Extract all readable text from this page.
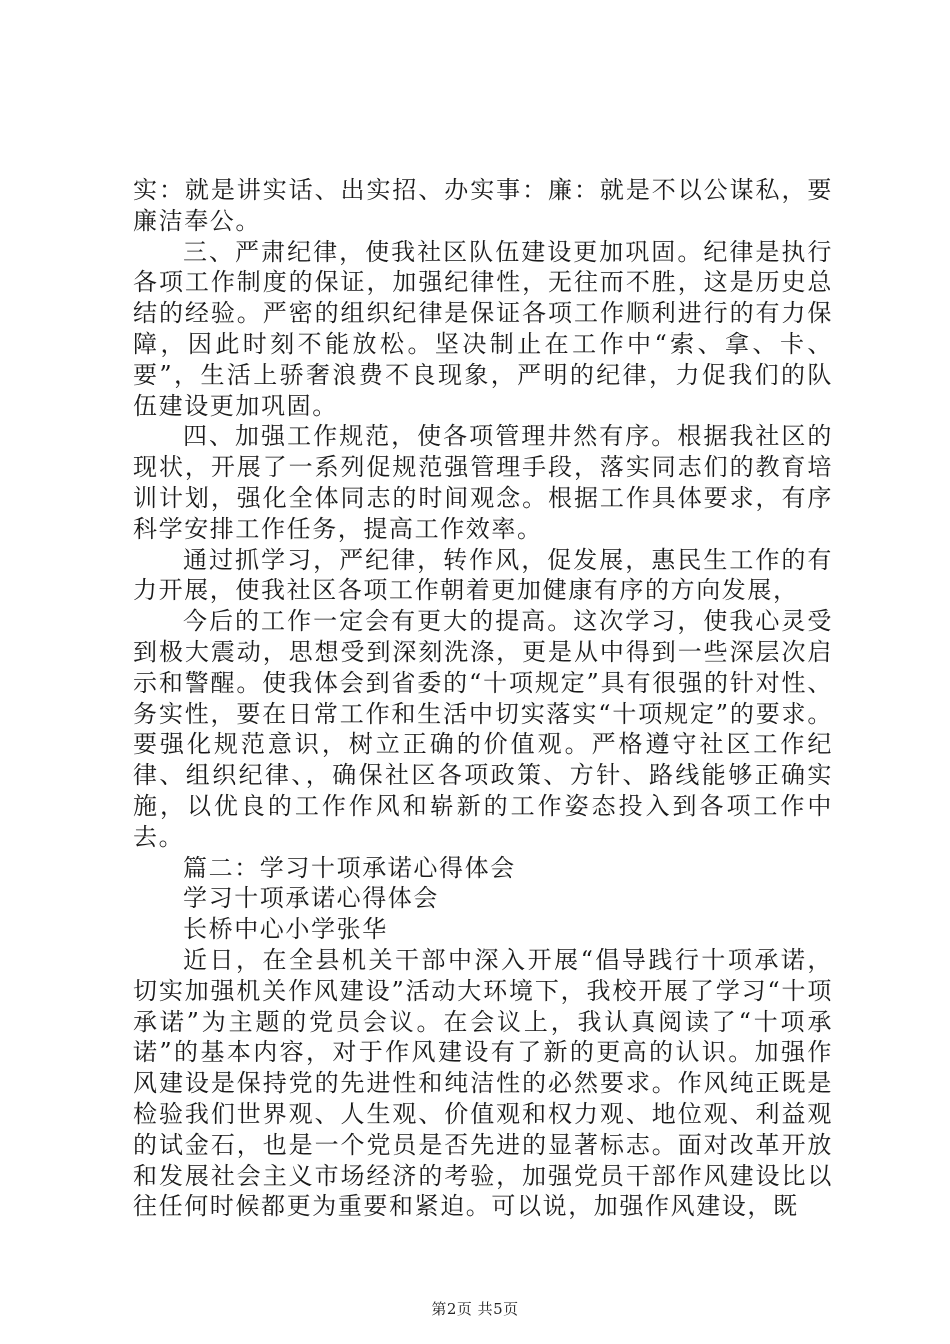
实：就是讲实话、出实招、办实事：廉：就是不以公谋私，要廉洁奉公。

三、严肃纪律，使我社区队伍建设更加巩固。纪律是执行各项工作制度的保证，加强纪律性，无往而不胜，这是历史总结的经验。严密的组织纪律是保证各项工作顺利进行的有力保障，因此时刻不能放松。坚决制止在工作中“索、拿、卡、要”，生活上骄奢浪费不良现象，严明的纪律，力促我们的队伍建设更加巩固。

四、加强工作规范，使各项管理井然有序。根据我社区的现状，开展了一系列促规范强管理手段，落实同志们的教育培训计划，强化全体同志的时间观念。根据工作具体要求，有序科学安排工作任务，提高工作效率。

通过抓学习，严纪律，转作风，促发展，惠民生工作的有力开展，使我社区各项工作朝着更加健康有序的方向发展，

今后的工作一定会有更大的提高。这次学习，使我心灵受到极大震动，思想受到深刻洗涤，更是从中得到一些深层次启示和警醒。使我体会到省委的“十项规定”具有很强的针对性、务实性，要在日常工作和生活中切实落实“十项规定”的要求。要强化规范意识，树立正确的价值观。严格遵守社区工作纪律、组织纪律、，确保社区各项政策、方针、路线能够正确实施，以优良的工作作风和崭新的工作姿态投入到各项工作中去。

篇二：学习十项承诺心得体会

学习十项承诺心得体会

长桥中心小学张华

近日，在全县机关干部中深入开展“倡导践行十项承诺，切实加强机关作风建设”活动大环境下，我校开展了学习“十项承诺”为主题的党员会议。在会议上，我认真阅读了“十项承诺”的基本内容，对于作风建设有了新的更高的认识。加强作风建设是保持党的先进性和纯洁性的必然要求。作风纯正既是检验我们世界观、人生观、价值观和权力观、地位观、利益观的试金石，也是一个党员是否先进的显著标志。面对改革开放和发展社会主义市场经济的考验，加强党员干部作风建设比以往任何时候都更为重要和紧迫。可以说，加强作风建设，既

第2页 共5页
